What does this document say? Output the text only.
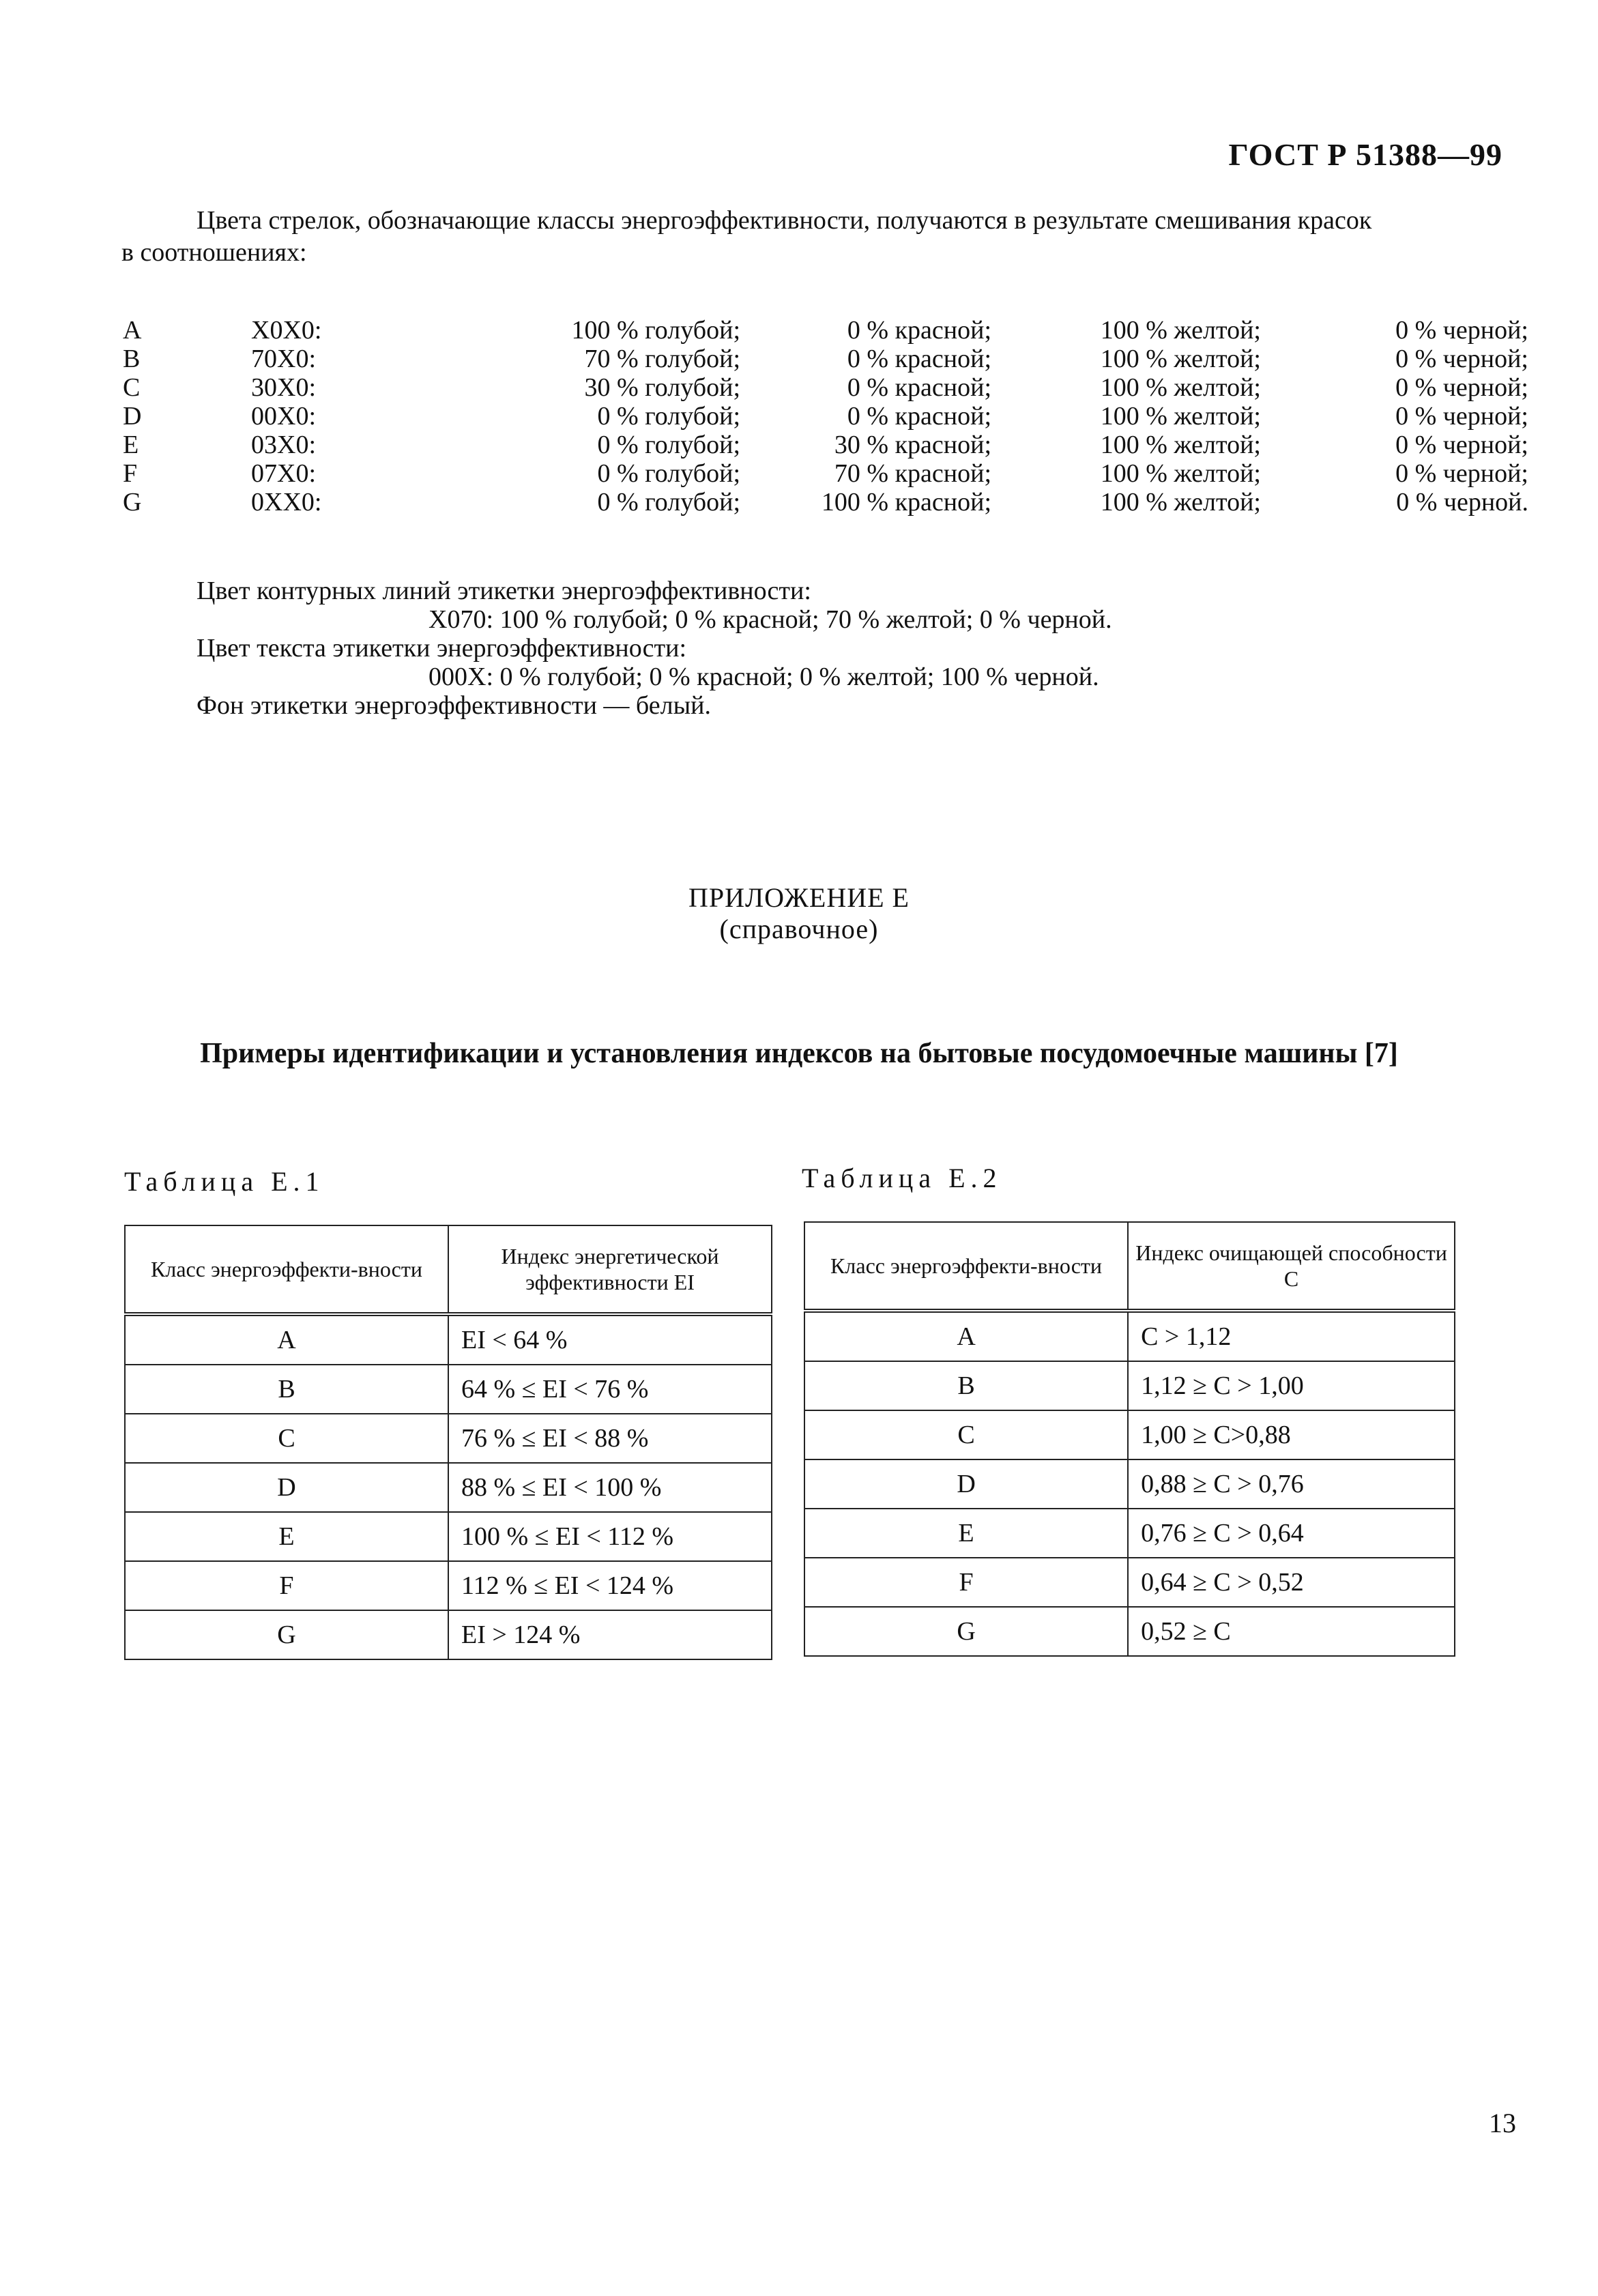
ГОСТ Р 51388—99
Цвета стрелок, обозначающие классы энергоэффективности, получаются в результате смешивания красок
в соотношениях:
A	X0X0:	100 % голубой;	0 % красной;	100 % желтой;	0 % черной;
B	70X0:	70 % голубой;	0 % красной;	100 % желтой;	0 % черной;
C	30X0:	30 % голубой;	0 % красной;	100 % желтой;	0 % черной;
D	00X0:	0 % голубой;	0 % красной;	100 % желтой;	0 % черной;
E	03X0:	0 % голубой;	30 % красной;	100 % желтой;	0 % черной;
F	07X0:	0 % голубой;	70 % красной;	100 % желтой;	0 % черной;
G	0XX0:	0 % голубой;	100 % красной;	100 % желтой;	0 % черной.
Цвет контурных линий этикетки энергоэффективности:
X070: 100 % голубой; 0 % красной; 70 % желтой; 0 % черной.
Цвет текста этикетки энергоэффективности:
000X: 0 % голубой; 0 % красной; 0 % желтой; 100 % черной.
Фон этикетки энергоэффективности — белый.
ПРИЛОЖЕНИЕ Е
(справочное)
Примеры идентификации и установления индексов на бытовые посудомоечные машины [7]
Таблица Е.1
Класс энергоэффекти-вности	Индекс энергетической эффективности EI
A	EI < 64 %
B	64 % ≤ EI < 76 %
C	76 % ≤ EI < 88 %
D	88 % ≤ EI < 100 %
E	100 % ≤ EI < 112 %
F	112 % ≤ EI < 124 %
G	EI > 124 %
Таблица Е.2
Класс энергоэффекти-вности	Индекс очищающей способности C
A	C > 1,12
B	1,12 ≥ C > 1,00
C	1,00 ≥ C>0,88
D	0,88 ≥ C > 0,76
E	0,76 ≥ C > 0,64
F	0,64 ≥ C > 0,52
G	0,52 ≥ C
13
